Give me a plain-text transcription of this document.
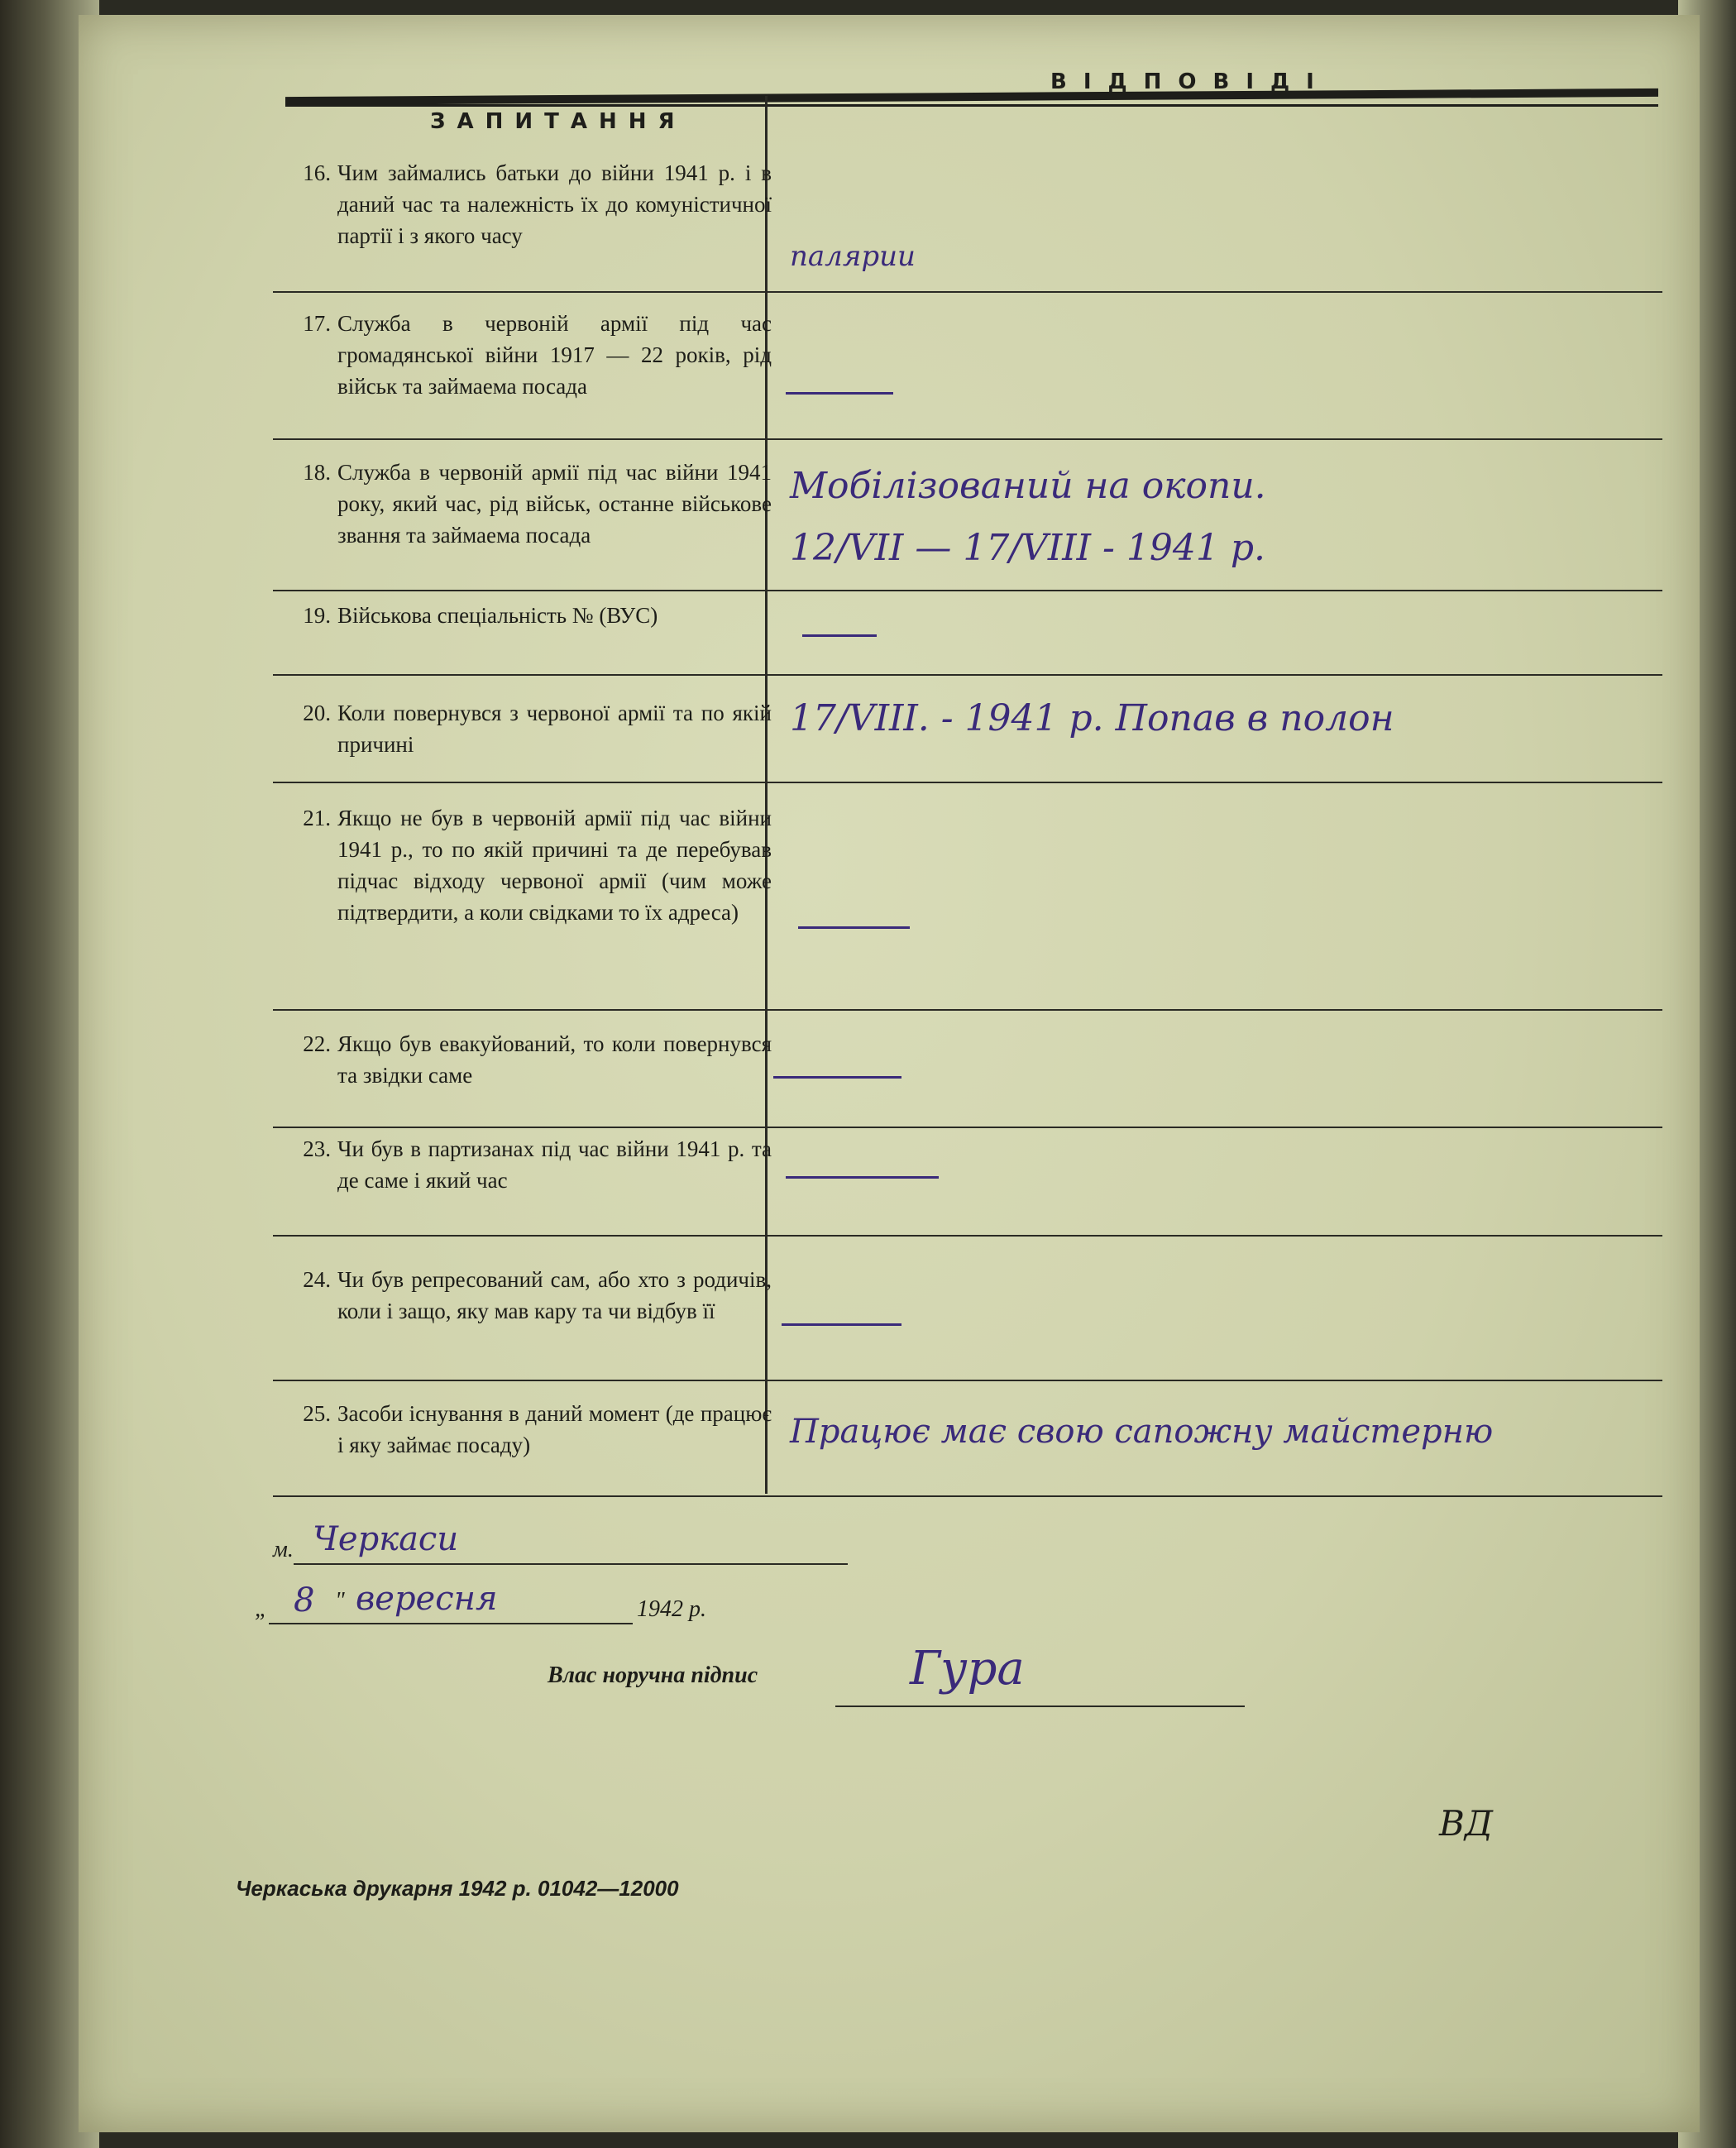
ЗАПИТАННЯ
ВІДПОВІДІ
16. Чим займались батьки до війни 1941 р. і в даний час та належність їх до комуністичної партії і з якого часу
палярии
17. Служба в червоній армії під час громадянської війни 1917 — 22 років, рід військ та займаема посада
18. Служба в червоній армії під час війни 1941 року, який час, рід військ, останне військове звання та займаема посада
Мобілізований на окопи.
12/VII — 17/VIII - 1941 р.
19. Військова спеціальність № (ВУС)
20. Коли повернувся з червоної армії та по якій причині
17/VIII. - 1941 р. Попав в полон
21. Якщо не був в червоній армії під час війни 1941 р., то по якій причині та де перебував підчас відходу червоної армії (чим може підтвердити, а коли свідками то їх адреса)
22. Якщо був евакуйований, то коли повернувся та звідки саме
23. Чи був в партизанах під час війни 1941 р. та де саме і який час
24. Чи був репресований сам, або хто з родичів, коли і защо, яку мав кару та чи відбув її
25. Засоби існування в даний момент (де працює і яку займає посаду)	Працює має свою сапожну майстерню
м. Черкаси
„ 8 " вересня	1942 р.
Влас норучна підпис	Гура
ВД
Черкаська друкарня 1942 р. 01042—12000
